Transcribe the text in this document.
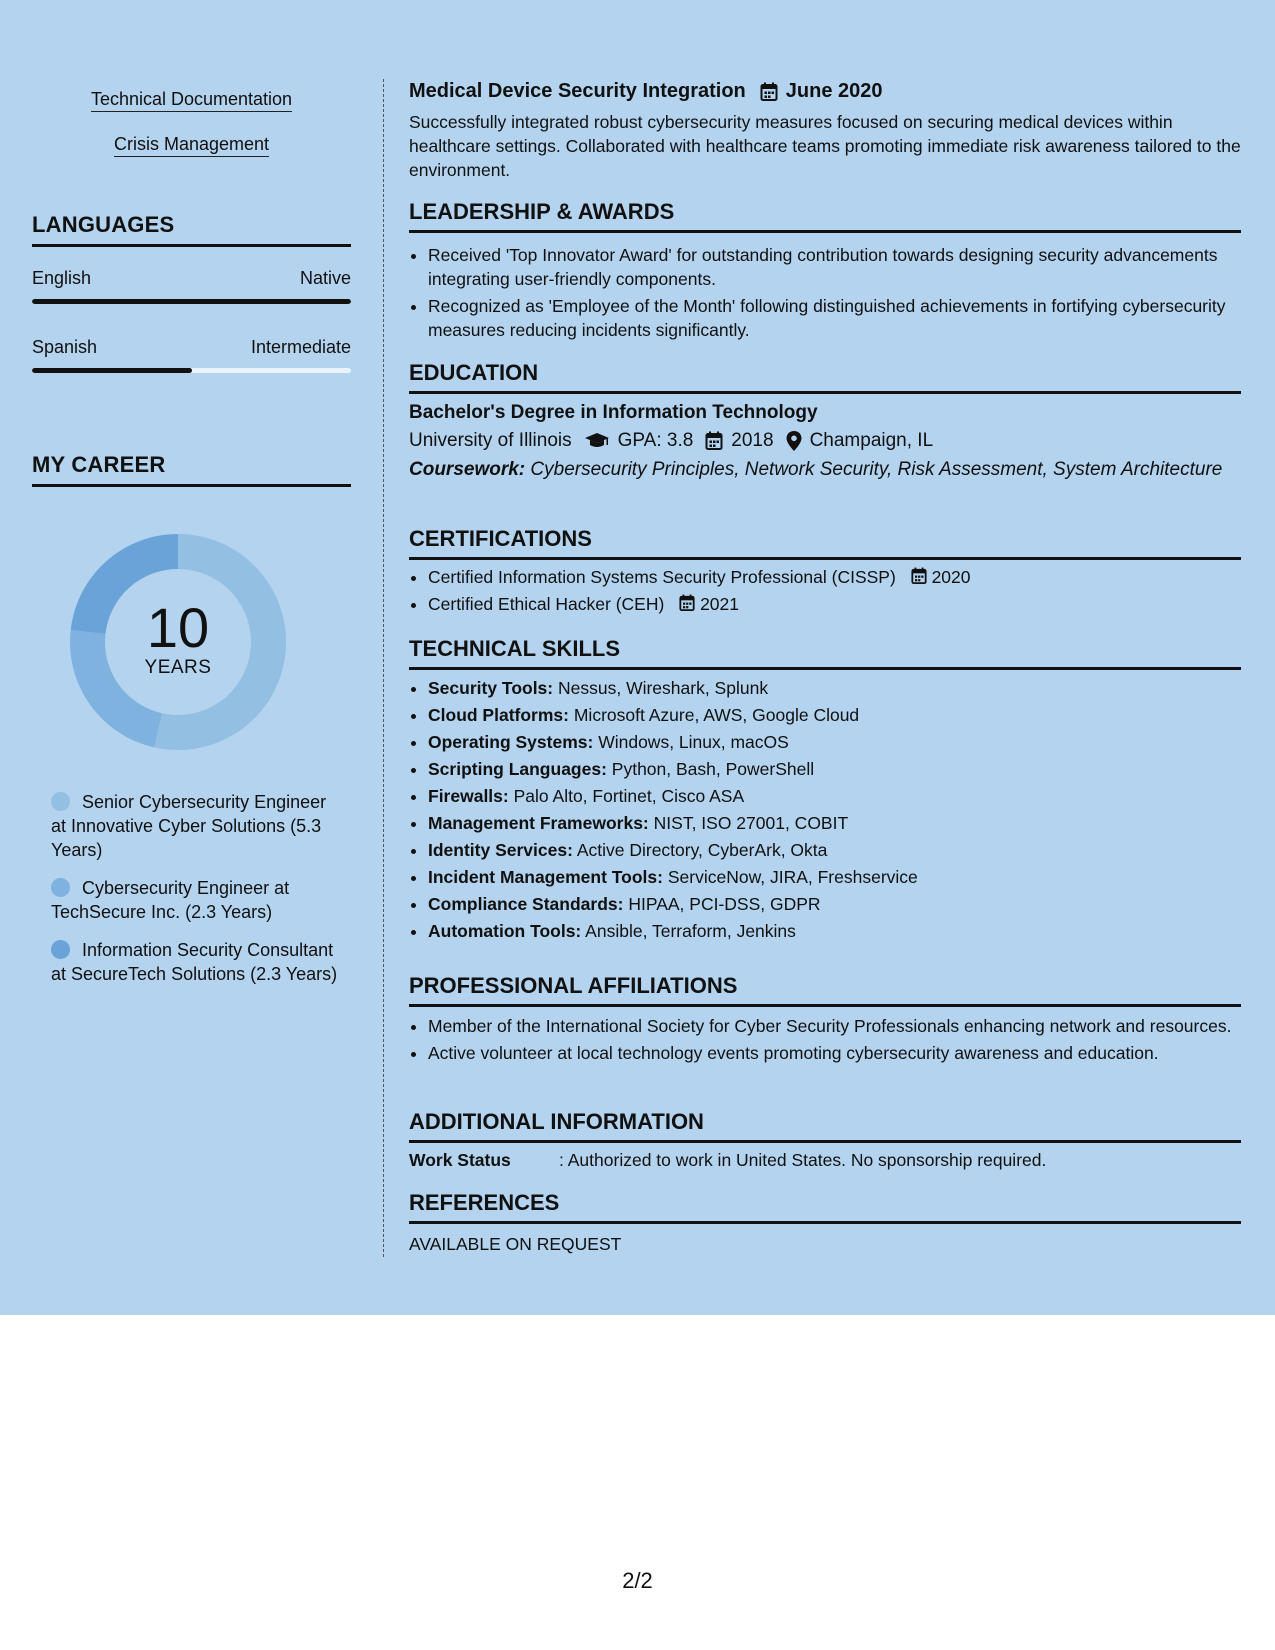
Technical Documentation
Crisis Management
LANGUAGES
English	Native
Spanish	Intermediate
MY CAREER
10
YEARS
Senior Cybersecurity Engineer at Innovative Cyber Solutions (5.3 Years)
Cybersecurity Engineer at TechSecure Inc. (2.3 Years)
Information Security Consultant at SecureTech Solutions (2.3 Years)
Medical Device Security Integration June 2020
Successfully integrated robust cybersecurity measures focused on securing medical devices within healthcare settings. Collaborated with healthcare teams promoting immediate risk awareness tailored to the environment.
LEADERSHIP & AWARDS
• Received 'Top Innovator Award' for outstanding contribution towards designing security advancements integrating user-friendly components.
• Recognized as 'Employee of the Month' following distinguished achievements in fortifying cybersecurity measures reducing incidents significantly.
EDUCATION
Bachelor's Degree in Information Technology
University of Illinois GPA: 3.8 2018 Champaign, IL
Coursework: Cybersecurity Principles, Network Security, Risk Assessment, System Architecture
CERTIFICATIONS
• Certified Information Systems Security Professional (CISSP) 2020
• Certified Ethical Hacker (CEH) 2021
TECHNICAL SKILLS
• Security Tools: Nessus, Wireshark, Splunk
• Cloud Platforms: Microsoft Azure, AWS, Google Cloud
• Operating Systems: Windows, Linux, macOS
• Scripting Languages: Python, Bash, PowerShell
• Firewalls: Palo Alto, Fortinet, Cisco ASA
• Management Frameworks: NIST, ISO 27001, COBIT
• Identity Services: Active Directory, CyberArk, Okta
• Incident Management Tools: ServiceNow, JIRA, Freshservice
• Compliance Standards: HIPAA, PCI-DSS, GDPR
• Automation Tools: Ansible, Terraform, Jenkins
PROFESSIONAL AFFILIATIONS
• Member of the International Society for Cyber Security Professionals enhancing network and resources.
• Active volunteer at local technology events promoting cybersecurity awareness and education.
ADDITIONAL INFORMATION
Work Status	: Authorized to work in United States. No sponsorship required.
REFERENCES
AVAILABLE ON REQUEST
2/2
